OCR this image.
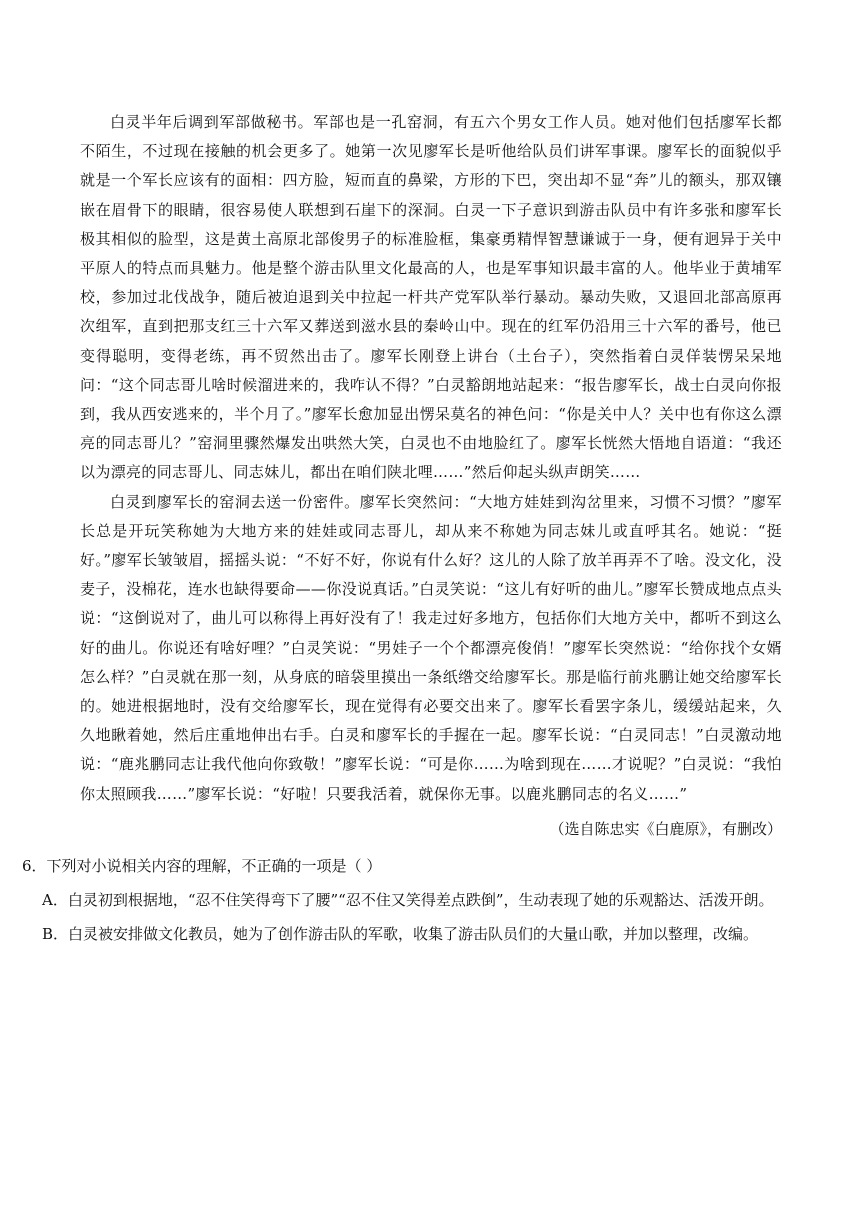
白灵半年后调到军部做秘书。军部也是一孔窑洞，有五六个男女工作人员。她对他们包括廖军长都不陌生，不过现在接触的机会更多了。她第一次见廖军长是听他给队员们讲军事课。廖军长的面貌似乎就是一个军长应该有的面相：四方脸，短而直的鼻梁，方形的下巴，突出却不显“奔”儿的额头，那双镶嵌在眉骨下的眼睛，很容易使人联想到石崖下的深洞。白灵一下子意识到游击队员中有许多张和廖军长极其相似的脸型，这是黄土高原北部俊男子的标准脸框，集豪勇精悍智慧谦诚于一身，便有迥异于关中平原人的特点而具魅力。他是整个游击队里文化最高的人，也是军事知识最丰富的人。他毕业于黄埔军校，参加过北伐战争，随后被迫退到关中拉起一杆共产党军队举行暴动。暴动失败，又退回北部高原再次组军，直到把那支红三十六军又葬送到滋水县的秦岭山中。现在的红军仍沿用三十六军的番号，他已变得聪明，变得老练，再不贸然出击了。廖军长刚登上讲台（土台子），突然指着白灵佯装愣呆呆地问：“这个同志哥儿啥时候溜进来的，我咋认不得？”白灵豁朗地站起来：“报告廖军长，战士白灵向你报到，我从西安逃来的，半个月了。”廖军长愈加显出愣呆莫名的神色问：“你是关中人？关中也有你这么漂亮的同志哥儿？”窑洞里骤然爆发出哄然大笑，白灵也不由地脸红了。廖军长恍然大悟地自语道：“我还以为漂亮的同志哥儿、同志妹儿，都出在咱们陕北哩……”然后仰起头纵声朗笑……

白灵到廖军长的窑洞去送一份密件。廖军长突然问：“大地方娃娃到沟岔里来，习惯不习惯？”廖军长总是开玩笑称她为大地方来的娃娃或同志哥儿，却从来不称她为同志妹儿或直呼其名。她说：“挺好。”廖军长皱皱眉，摇摇头说：“不好不好，你说有什么好？这儿的人除了放羊再弄不了啥。没文化，没麦子，没棉花，连水也缺得要命——你没说真话。”白灵笑说：“这儿有好听的曲儿。”廖军长赞成地点点头说：“这倒说对了，曲儿可以称得上再好没有了！我走过好多地方，包括你们大地方关中，都听不到这么好的曲儿。你说还有啥好哩？”白灵笑说：“男娃子一个个都漂亮俊俏！”廖军长突然说：“给你找个女婿怎么样？”白灵就在那一刻，从身底的暗袋里摸出一条纸绺交给廖军长。那是临行前兆鹏让她交给廖军长的。她进根据地时，没有交给廖军长，现在觉得有必要交出来了。廖军长看罢字条儿，缓缓站起来，久久地瞅着她，然后庄重地伸出右手。白灵和廖军长的手握在一起。廖军长说：“白灵同志！”白灵激动地说：“鹿兆鹏同志让我代他向你致敬！”廖军长说：“可是你……为啥到现在……才说呢？”白灵说：“我怕你太照顾我……”廖军长说：“好啦！只要我活着，就保你无事。以鹿兆鹏同志的名义……”

（选自陈忠实《白鹿原》，有删改）

6．下列对小说相关内容的理解，不正确的一项是（ ）

A．白灵初到根据地，“忍不住笑得弯下了腰”“忍不住又笑得差点跌倒”，生动表现了她的乐观豁达、活泼开朗。

B．白灵被安排做文化教员，她为了创作游击队的军歌，收集了游击队员们的大量山歌，并加以整理，改编。
